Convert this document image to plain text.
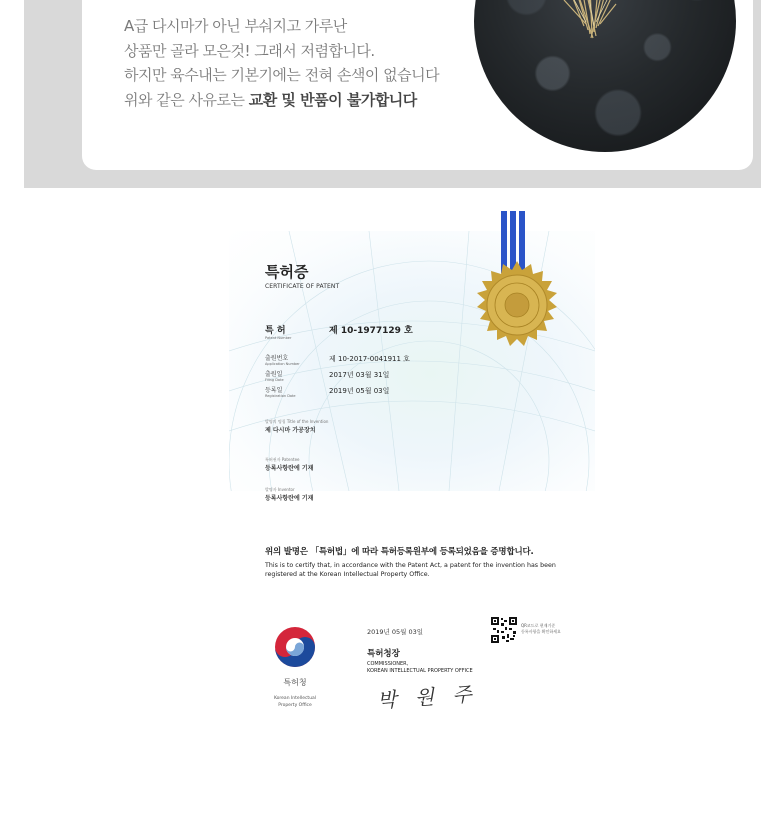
A급 다시마가 아닌 부숴지고 가루난
상품만 골라 모은것! 그래서 저렴합니다.
하지만 육수내는 기본기에는 전혀 손색이 없습니다
위와 같은 사유로는 교환 및 반품이 불가합니다
특허증
CERTIFICATE OF PATENT
특 허
Patent Number
제 10-1977129 호
출원번호
Application Number
제 10-2017-0041911 호
출원일
Filing Date
2017년 03월 31일
등록일
Registration Date
2019년 05월 03일
발명의 명칭 Title of the Invention
제 다시마 가공장치
특허권자 Patentee
등록사항란에 기재
발명자 Inventor
등록사항란에 기재
위의 발명은 「특허법」에 따라 특허등록원부에 등록되었음을 증명합니다.
This is to certify that, in accordance with the Patent Act, a patent for the invention has been registered at the Korean Intellectual Property Office.
특허청
Korean Intellectual
Property Office
2019년 05월 03일
QR코드로 현재기준
등록사항을 확인하세요
특허청장
COMMISSIONER,
KOREAN INTELLECTUAL PROPERTY OFFICE
박 원 주
